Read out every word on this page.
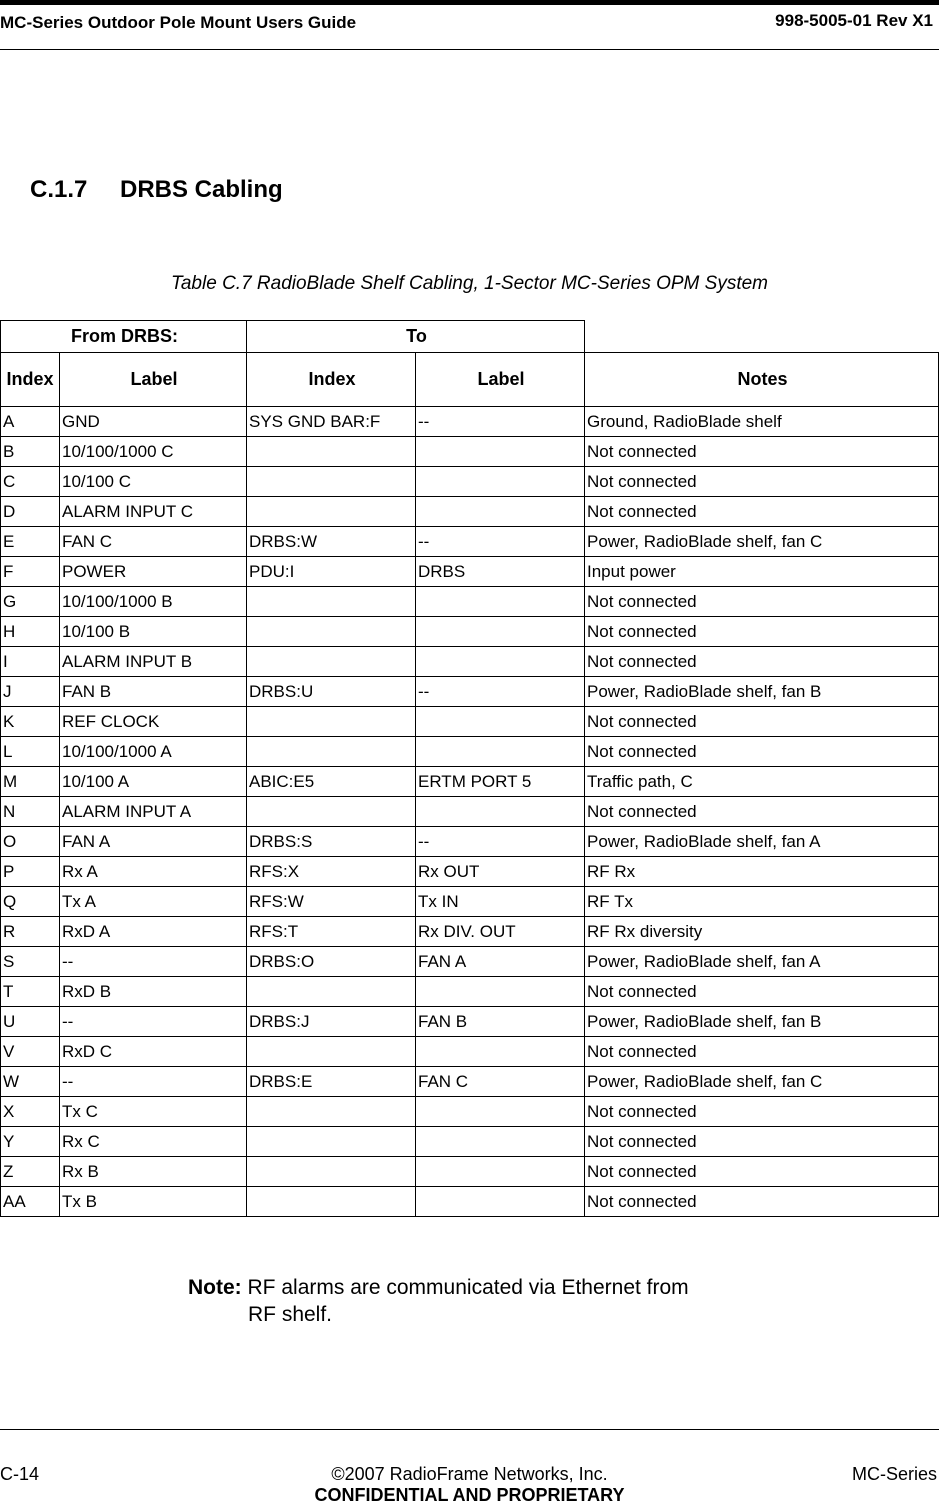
MC-Series Outdoor Pole Mount Users Guide	998-5005-01 Rev X1
C.1.7 DRBS Cabling
Table C.7 RadioBlade Shelf Cabling, 1-Sector MC-Series OPM System
From DRBS:		To		
Index	Label	Index	Label	Notes
A	GND	SYS GND BAR:F	--	Ground, RadioBlade shelf
B	10/100/1000 C			Not connected
C	10/100 C			Not connected
D	ALARM INPUT C			Not connected
E	FAN C	DRBS:W	--	Power, RadioBlade shelf, fan C
F	POWER	PDU:I	DRBS	Input power
G	10/100/1000 B			Not connected
H	10/100 B			Not connected
I	ALARM INPUT B			Not connected
J	FAN B	DRBS:U	--	Power, RadioBlade shelf, fan B
K	REF CLOCK			Not connected
L	10/100/1000 A			Not connected
M	10/100 A	ABIC:E5	ERTM PORT 5	Traffic path, C
N	ALARM INPUT A			Not connected
O	FAN A	DRBS:S	--	Power, RadioBlade shelf, fan A
P	Rx A	RFS:X	Rx OUT	RF Rx
Q	Tx A	RFS:W	Tx IN	RF Tx
R	RxD A	RFS:T	Rx DIV. OUT	RF Rx diversity
S	--	DRBS:O	FAN A	Power, RadioBlade shelf, fan A
T	RxD B			Not connected
U	--	DRBS:J	FAN B	Power, RadioBlade shelf, fan B
V	RxD C			Not connected
W	--	DRBS:E	FAN C	Power, RadioBlade shelf, fan C
X	Tx C			Not connected
Y	Rx C			Not connected
Z	Rx B			Not connected
AA	Tx B			Not connected
Note: RF alarms are communicated via Ethernet from
RF shelf.
C-14	©2007 RadioFrame Networks, Inc.	MC-Series
CONFIDENTIAL AND PROPRIETARY
